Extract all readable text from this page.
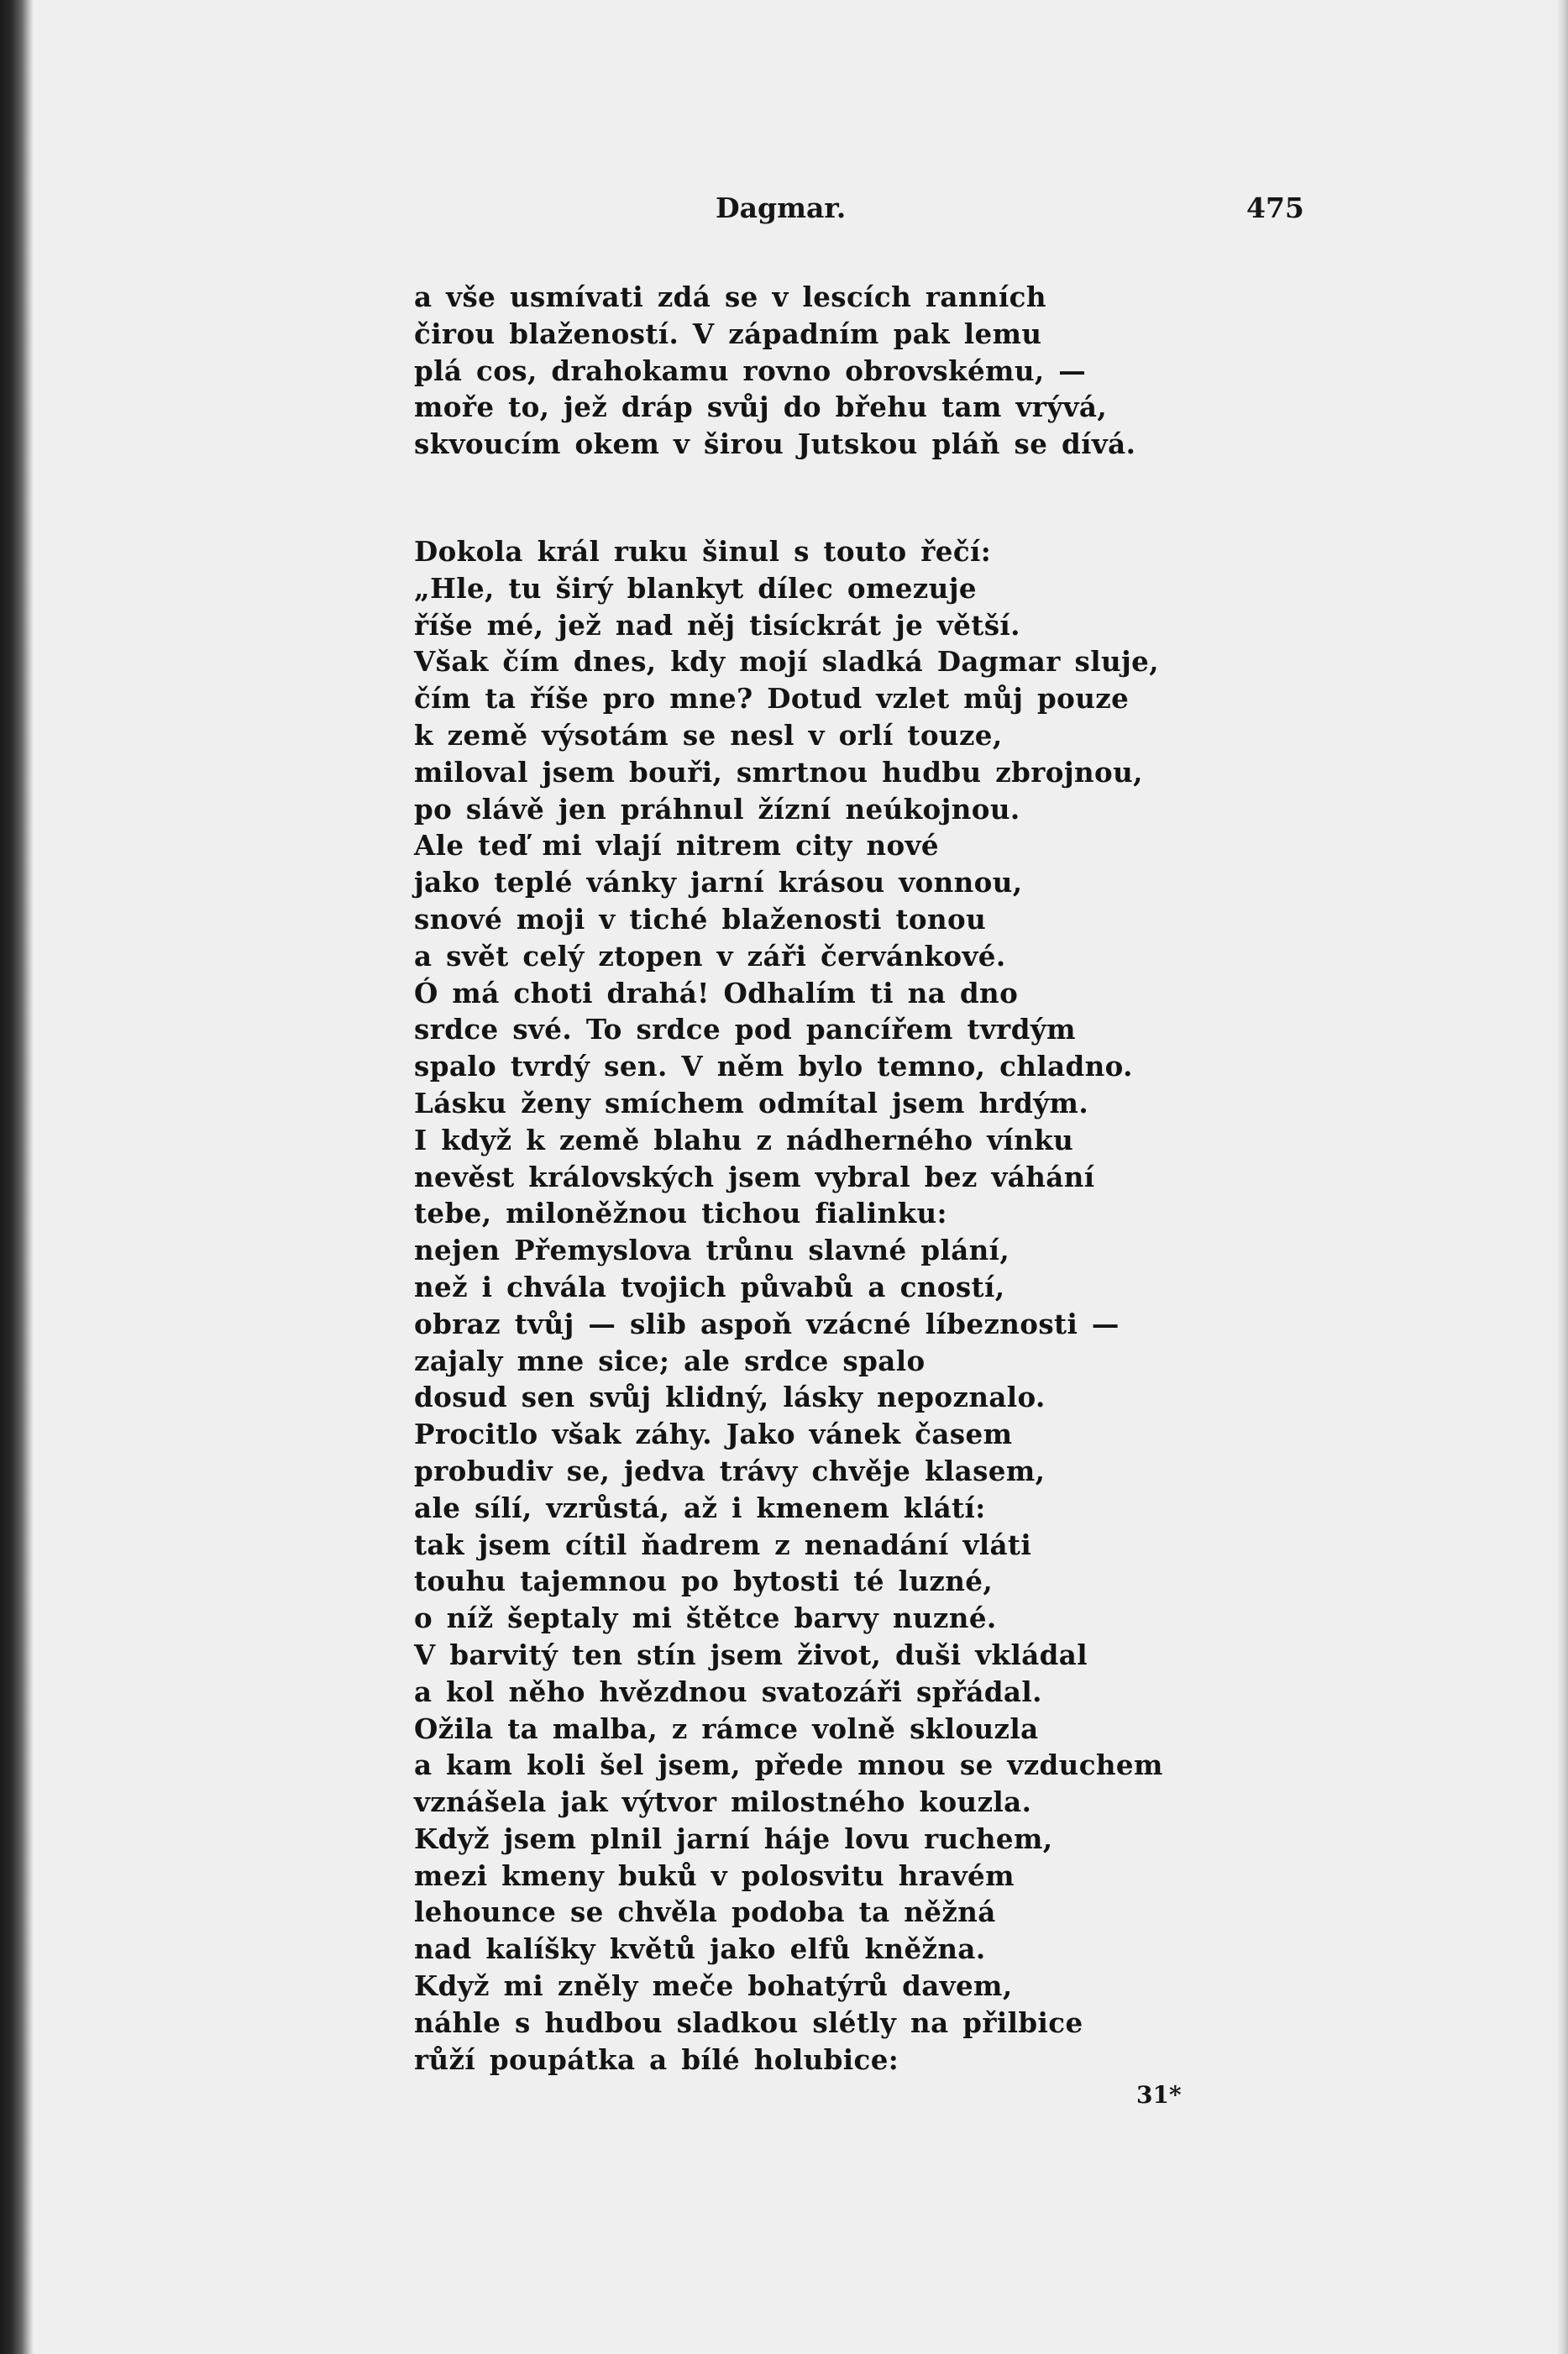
Dagmar.	475
a vše usmívati zdá se v lescích ranních
čirou blažeností. V západním pak lemu
plá cos, drahokamu rovno obrovskému, —
moře to, jež dráp svůj do břehu tam vrývá,
skvoucím okem v širou Jutskou pláň se dívá.
Dokola král ruku šinul s touto řečí:
„Hle, tu širý blankyt dílec omezuje
říše mé, jež nad něj tisíckrát je větší.
Však čím dnes, kdy mojí sladká Dagmar sluje,
čím ta říše pro mne? Dotud vzlet můj pouze
k země výsotám se nesl v orlí touze,
miloval jsem bouři, smrtnou hudbu zbrojnou,
po slávě jen práhnul žízní neúkojnou.
Ale teď mi vlají nitrem city nové
jako teplé vánky jarní krásou vonnou,
snové moji v tiché blaženosti tonou
a svět celý ztopen v záři červánkové.
Ó má choti drahá! Odhalím ti na dno
srdce své. To srdce pod pancířem tvrdým
spalo tvrdý sen. V něm bylo temno, chladno.
Lásku ženy smíchem odmítal jsem hrdým.
I když k země blahu z nádherného vínku
nevěst královských jsem vybral bez váhání
tebe, miloněžnou tichou fialinku:
nejen Přemyslova trůnu slavné plání,
než i chvála tvojich půvabů a cností,
obraz tvůj — slib aspoň vzácné líbeznosti —
zajaly mne sice; ale srdce spalo
dosud sen svůj klidný, lásky nepoznalo.
Procitlo však záhy. Jako vánek časem
probudiv se, jedva trávy chvěje klasem,
ale sílí, vzrůstá, až i kmenem klátí:
tak jsem cítil ňadrem z nenadání vláti
touhu tajemnou po bytosti té luzné,
o níž šeptaly mi štětce barvy nuzné.
V barvitý ten stín jsem život, duši vkládal
a kol něho hvězdnou svatozáři spřádal.
Ožila ta malba, z rámce volně sklouzla
a kam koli šel jsem, přede mnou se vzduchem
vznášela jak výtvor milostného kouzla.
Když jsem plnil jarní háje lovu ruchem,
mezi kmeny buků v polosvitu hravém
lehounce se chvěla podoba ta něžná
nad kalíšky květů jako elfů kněžna.
Když mi zněly meče bohatýrů davem,
náhle s hudbou sladkou slétly na přilbice
růží poupátka a bílé holubice:
31*
